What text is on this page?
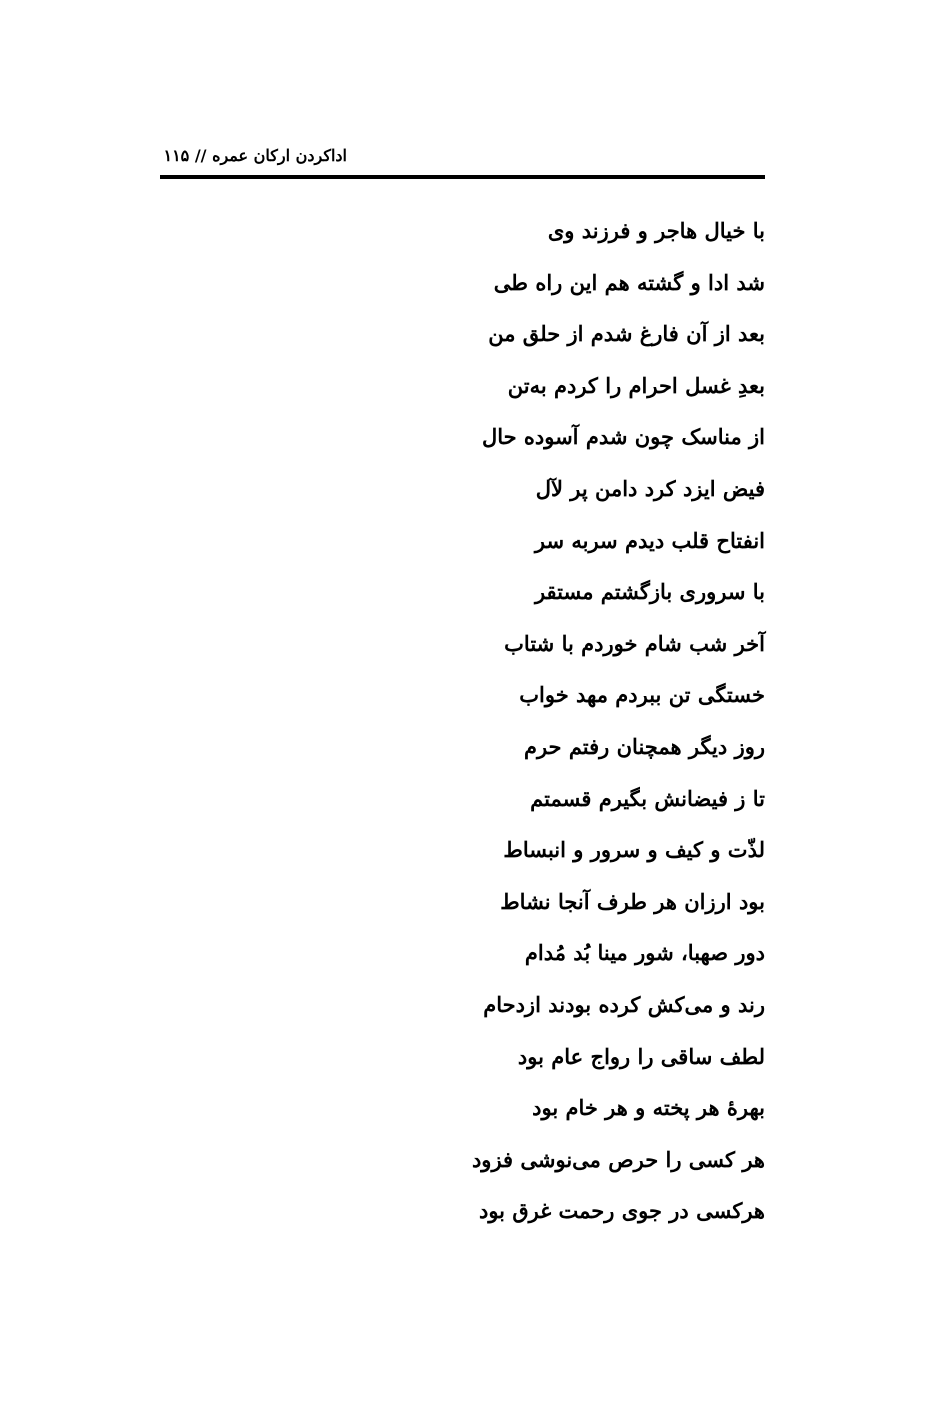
اداکردن ارکان عمره // ۱۱۵
با خیال هاجر و فرزند وی
شد ادا و گشته هم این راه طی
بعد از آن فارغ شدم از حلق من
بعدِ غسل احرام را کردم به‌تن
از مناسک چون شدم آسوده حال
فیض ایزد کرد دامن پر لآل
انفتاح قلب دیدم سربه سر
با سروری بازگشتم مستقر
آخر شب شام خوردم با شتاب
خستگی تن ببردم مهد خواب
روز دیگر همچنان رفتم حرم
تا ز فیضانش بگیرم قسمتم
لذّت و کیف و سرور و انبساط
بود ارزان هر طرف آنجا نشاط
دور صهبا، شور مینا بُد مُدام
رند و می‌کش کرده بودند ازدحام
لطف ساقی را رواج عام بود
بهرهٔ هر پخته و هر خام بود
هر کسی را حرص می‌نوشی فزود
هرکسی در جوی رحمت غرق بود
